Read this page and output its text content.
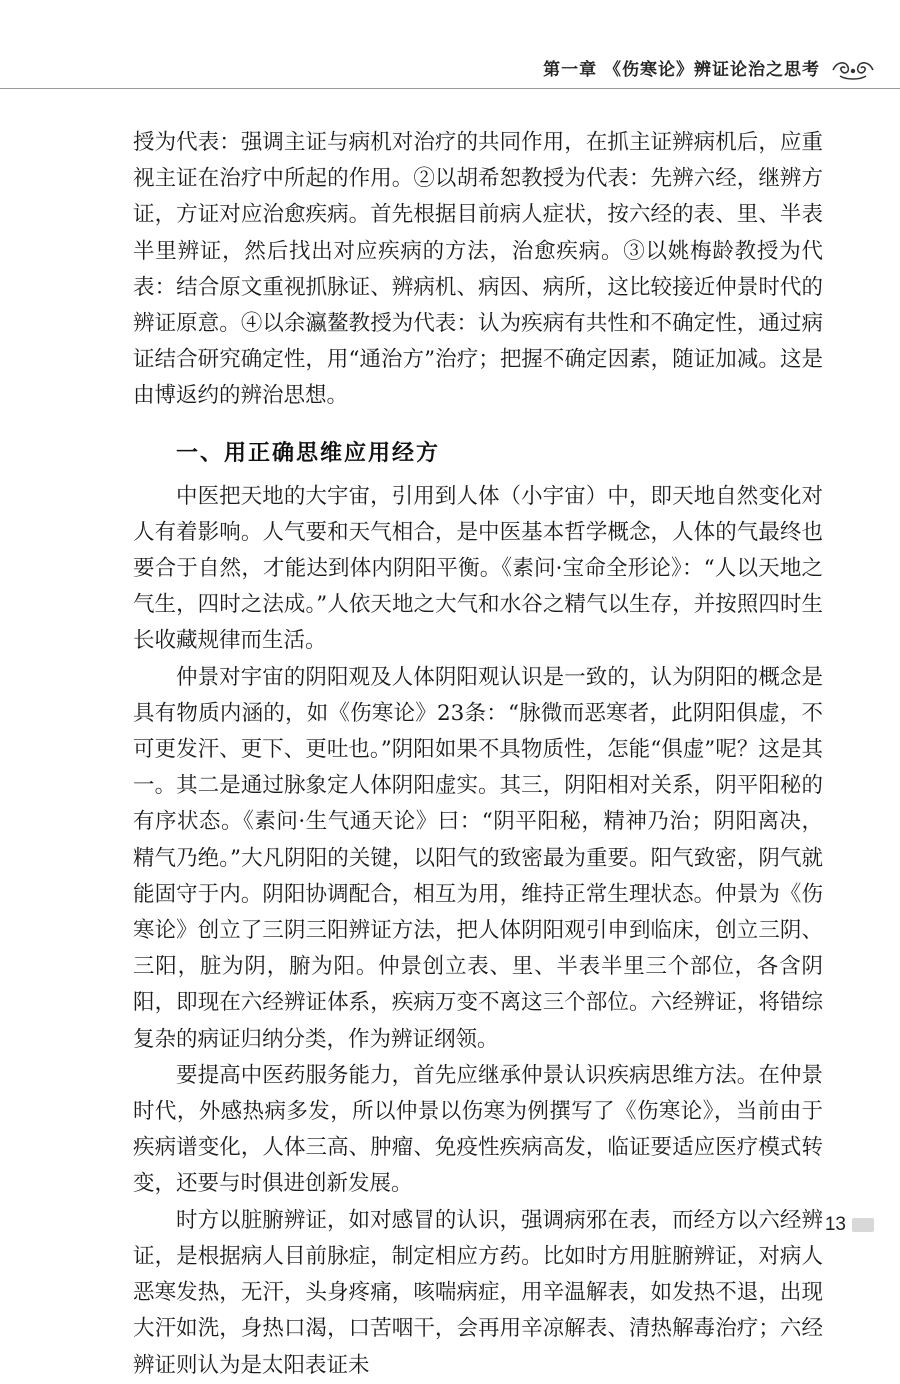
第一章 《伤寒论》辨证论治之思考

授为代表：强调主证与病机对治疗的共同作用，在抓主证辨病机后，应重视主证在治疗中所起的作用。②以胡希恕教授为代表：先辨六经，继辨方证，方证对应治愈疾病。首先根据目前病人症状，按六经的表、里、半表半里辨证，然后找出对应疾病的方法，治愈疾病。③以姚梅龄教授为代表：结合原文重视抓脉证、辨病机、病因、病所，这比较接近仲景时代的辨证原意。④以余瀛鳌教授为代表：认为疾病有共性和不确定性，通过病证结合研究确定性，用“通治方”治疗；把握不确定因素，随证加减。这是由博返约的辨治思想。

一、用正确思维应用经方

中医把天地的大宇宙，引用到人体（小宇宙）中，即天地自然变化对人有着影响。人气要和天气相合，是中医基本哲学概念，人体的气最终也要合于自然，才能达到体内阴阳平衡。《素问·宝命全形论》：“人以天地之气生，四时之法成。”人依天地之大气和水谷之精气以生存，并按照四时生长收藏规律而生活。

仲景对宇宙的阴阳观及人体阴阳观认识是一致的，认为阴阳的概念是具有物质内涵的，如《伤寒论》23条：“脉微而恶寒者，此阴阳俱虚，不可更发汗、更下、更吐也。”阴阳如果不具物质性，怎能“俱虚”呢？这是其一。其二是通过脉象定人体阴阳虚实。其三，阴阳相对关系，阴平阳秘的有序状态。《素问·生气通天论》曰：“阴平阳秘，精神乃治；阴阳离决，精气乃绝。”大凡阴阳的关键，以阳气的致密最为重要。阳气致密，阴气就能固守于内。阴阳协调配合，相互为用，维持正常生理状态。仲景为《伤寒论》创立了三阴三阳辨证方法，把人体阴阳观引申到临床，创立三阴、三阳，脏为阴，腑为阳。仲景创立表、里、半表半里三个部位，各含阴阳，即现在六经辨证体系，疾病万变不离这三个部位。六经辨证，将错综复杂的病证归纳分类，作为辨证纲领。

要提高中医药服务能力，首先应继承仲景认识疾病思维方法。在仲景时代，外感热病多发，所以仲景以伤寒为例撰写了《伤寒论》，当前由于疾病谱变化，人体三高、肿瘤、免疫性疾病高发，临证要适应医疗模式转变，还要与时俱进创新发展。

时方以脏腑辨证，如对感冒的认识，强调病邪在表，而经方以六经辨证，是根据病人目前脉症，制定相应方药。比如时方用脏腑辨证，对病人恶寒发热，无汗，头身疼痛，咳喘病症，用辛温解表，如发热不退，出现大汗如洗，身热口渴，口苦咽干，会再用辛凉解表、清热解毒治疗；六经辨证则认为是太阳表证未

13
